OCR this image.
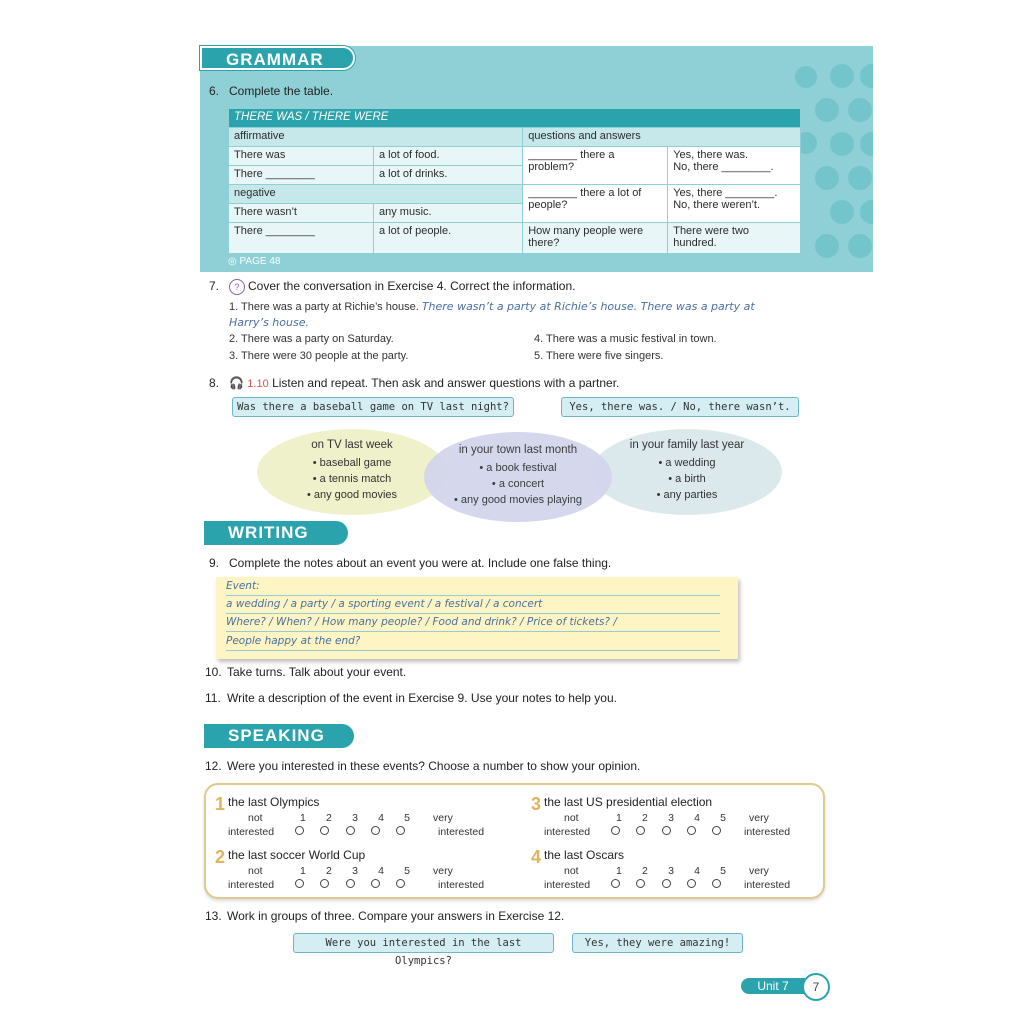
6. Complete the table.
THERE WAS / THERE WERE			
affirmative		questions and answers	
There was	a lot of food.	________ there a problem?	Yes, there was.
No, there ________.
There ________	a lot of drinks.		
negative		________ there a lot of people?	Yes, there ________.
No, there weren’t.
There wasn’t	any music.		
There ________	a lot of people.	How many people were there?	There were two hundred.
◎ PAGE 48
GRAMMAR
7. ? Cover the conversation in Exercise 4. Correct the information.
1. There was a party at Richie’s house. There wasn’t a party at Richie’s house. There was a party at Harry’s house.
2. There was a party on Saturday.
3. There were 30 people at the party.
4. There was a music festival in town.
5. There were five singers.
8. 🎧 1.10 Listen and repeat. Then ask and answer questions with a partner.
Was there a baseball game on TV last night?	Yes, there was. / No, there wasn’t.
on TV last week
• baseball game
• a tennis match
• any good movies
in your family last year
• a wedding
• a birth
• any parties
in your town last month
• a book festival
• a concert
• any good movies playing
WRITING
9. Complete the notes about an event you were at. Include one false thing.
Event:
a wedding / a party / a sporting event / a festival / a concert
Where? / When? / How many people? / Food and drink? / Price of tickets? /
People happy at the end?
10. Take turns. Talk about your event.
11. Write a description of the event in Exercise 9. Use your notes to help you.
SPEAKING
12. Were you interested in these events? Choose a number to show your opinion.
1 the last Olympics
not
interested
1 2 3 4 5 very
interested
2 the last soccer World Cup
not
interested
1 2 3 4 5 very
interested
3 the last US presidential election
not
interested
1 2 3 4 5 very
interested
4 the last Oscars
not
interested
1 2 3 4 5 very
interested
13. Work in groups of three. Compare your answers in Exercise 12.
Were you interested in the last Olympics?
Yes, they were amazing!
Unit 7	7
